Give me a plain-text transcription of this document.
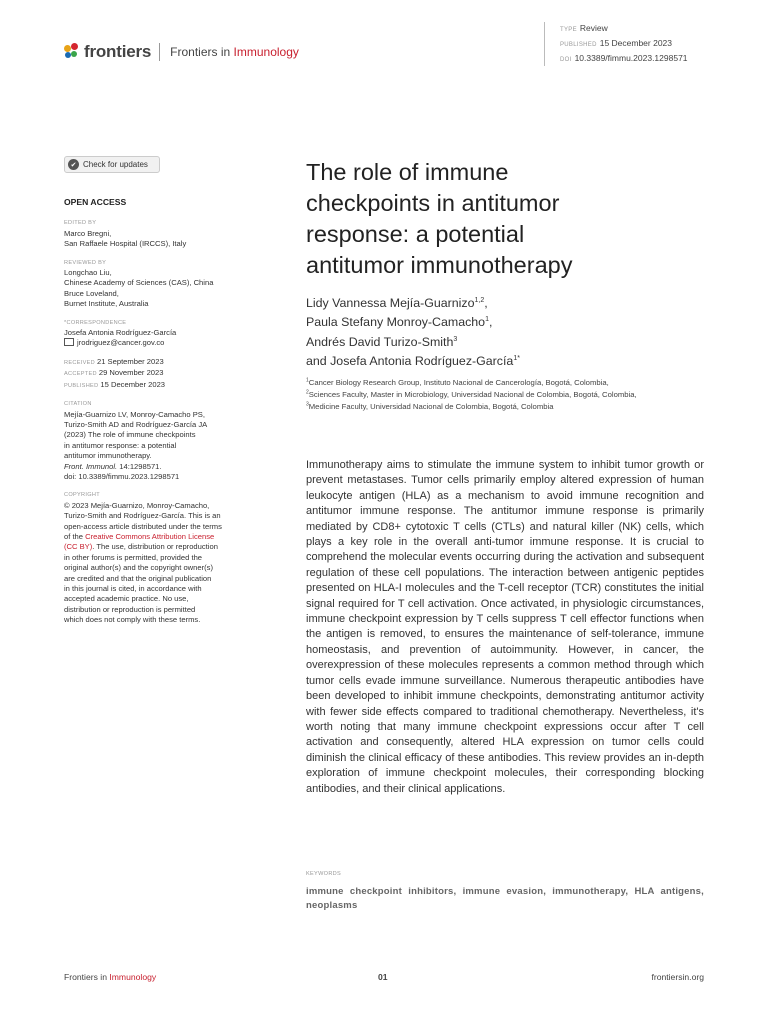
frontiers Frontiers in Immunology
TYPE Review
PUBLISHED 15 December 2023
DOI 10.3389/fimmu.2023.1298571
✔ Check for updates
OPEN ACCESS
EDITED BY
Marco Bregni,
San Raffaele Hospital (IRCCS), Italy
REVIEWED BY
Longchao Liu,
Chinese Academy of Sciences (CAS), China
Bruce Loveland,
Burnet Institute, Australia
*CORRESPONDENCE
Josefa Antonia Rodríguez-García
jrodriguez@cancer.gov.co
RECEIVED 21 September 2023
ACCEPTED 29 November 2023
PUBLISHED 15 December 2023
CITATION
Mejía-Guarnizo LV, Monroy-Camacho PS,
Turizo-Smith AD and Rodríguez-García JA
(2023) The role of immune checkpoints
in antitumor response: a potential
antitumor immunotherapy.
Front. Immunol. 14:1298571.
doi: 10.3389/fimmu.2023.1298571
COPYRIGHT
© 2023 Mejía-Guarnizo, Monroy-Camacho,
Turizo-Smith and Rodríguez-García. This is an
open-access article distributed under the terms
of the Creative Commons Attribution License
(CC BY). The use, distribution or reproduction
in other forums is permitted, provided the
original author(s) and the copyright owner(s)
are credited and that the original publication
in this journal is cited, in accordance with
accepted academic practice. No use,
distribution or reproduction is permitted
which does not comply with these terms.
The role of immune
checkpoints in antitumor
response: a potential
antitumor immunotherapy
Lidy Vannessa Mejía-Guarnizo$^{1,2}$,
Paula Stefany Monroy-Camacho$^1$,
Andrés David Turizo-Smith$^3$
and Josefa Antonia Rodríguez-García$^{1*}$
$^1$Cancer Biology Research Group, Instituto Nacional de Cancerología, Bogotá, Colombia,
$^2$Sciences Faculty, Master in Microbiology, Universidad Nacional de Colombia, Bogotá, Colombia,
$^3$Medicine Faculty, Universidad Nacional de Colombia, Bogotá, Colombia

Immunotherapy aims to stimulate the immune system to inhibit tumor growth or prevent metastases. Tumor cells primarily employ altered expression of human leukocyte antigen (HLA) as a mechanism to avoid immune recognition and antitumor immune response. The antitumor immune response is primarily mediated by CD8+ cytotoxic T cells (CTLs) and natural killer (NK) cells, which plays a key role in the overall anti-tumor immune response. It is crucial to comprehend the molecular events occurring during the activation and subsequent regulation of these cell populations. The interaction between antigenic peptides presented on HLA-I molecules and the T-cell receptor (TCR) constitutes the initial signal required for T cell activation. Once activated, in physiologic circumstances, immune checkpoint expression by T cells suppress T cell effector functions when the antigen is removed, to ensures the maintenance of self-tolerance, immune homeostasis, and prevention of autoimmunity. However, in cancer, the overexpression of these molecules represents a common method through which tumor cells evade immune surveillance. Numerous therapeutic antibodies have been developed to inhibit immune checkpoints, demonstrating antitumor activity with fewer side effects compared to traditional chemotherapy. Nevertheless, it's worth noting that many immune checkpoint expressions occur after T cell activation and consequently, altered HLA expression on tumor cells could diminish the clinical efficacy of these antibodies. This review provides an in-depth exploration of immune checkpoint molecules, their corresponding blocking antibodies, and their clinical applications.

KEYWORDS
immune checkpoint inhibitors, immune evasion, immunotherapy, HLA antigens, neoplasms
Frontiers in Immunology	01	frontiersin.org
